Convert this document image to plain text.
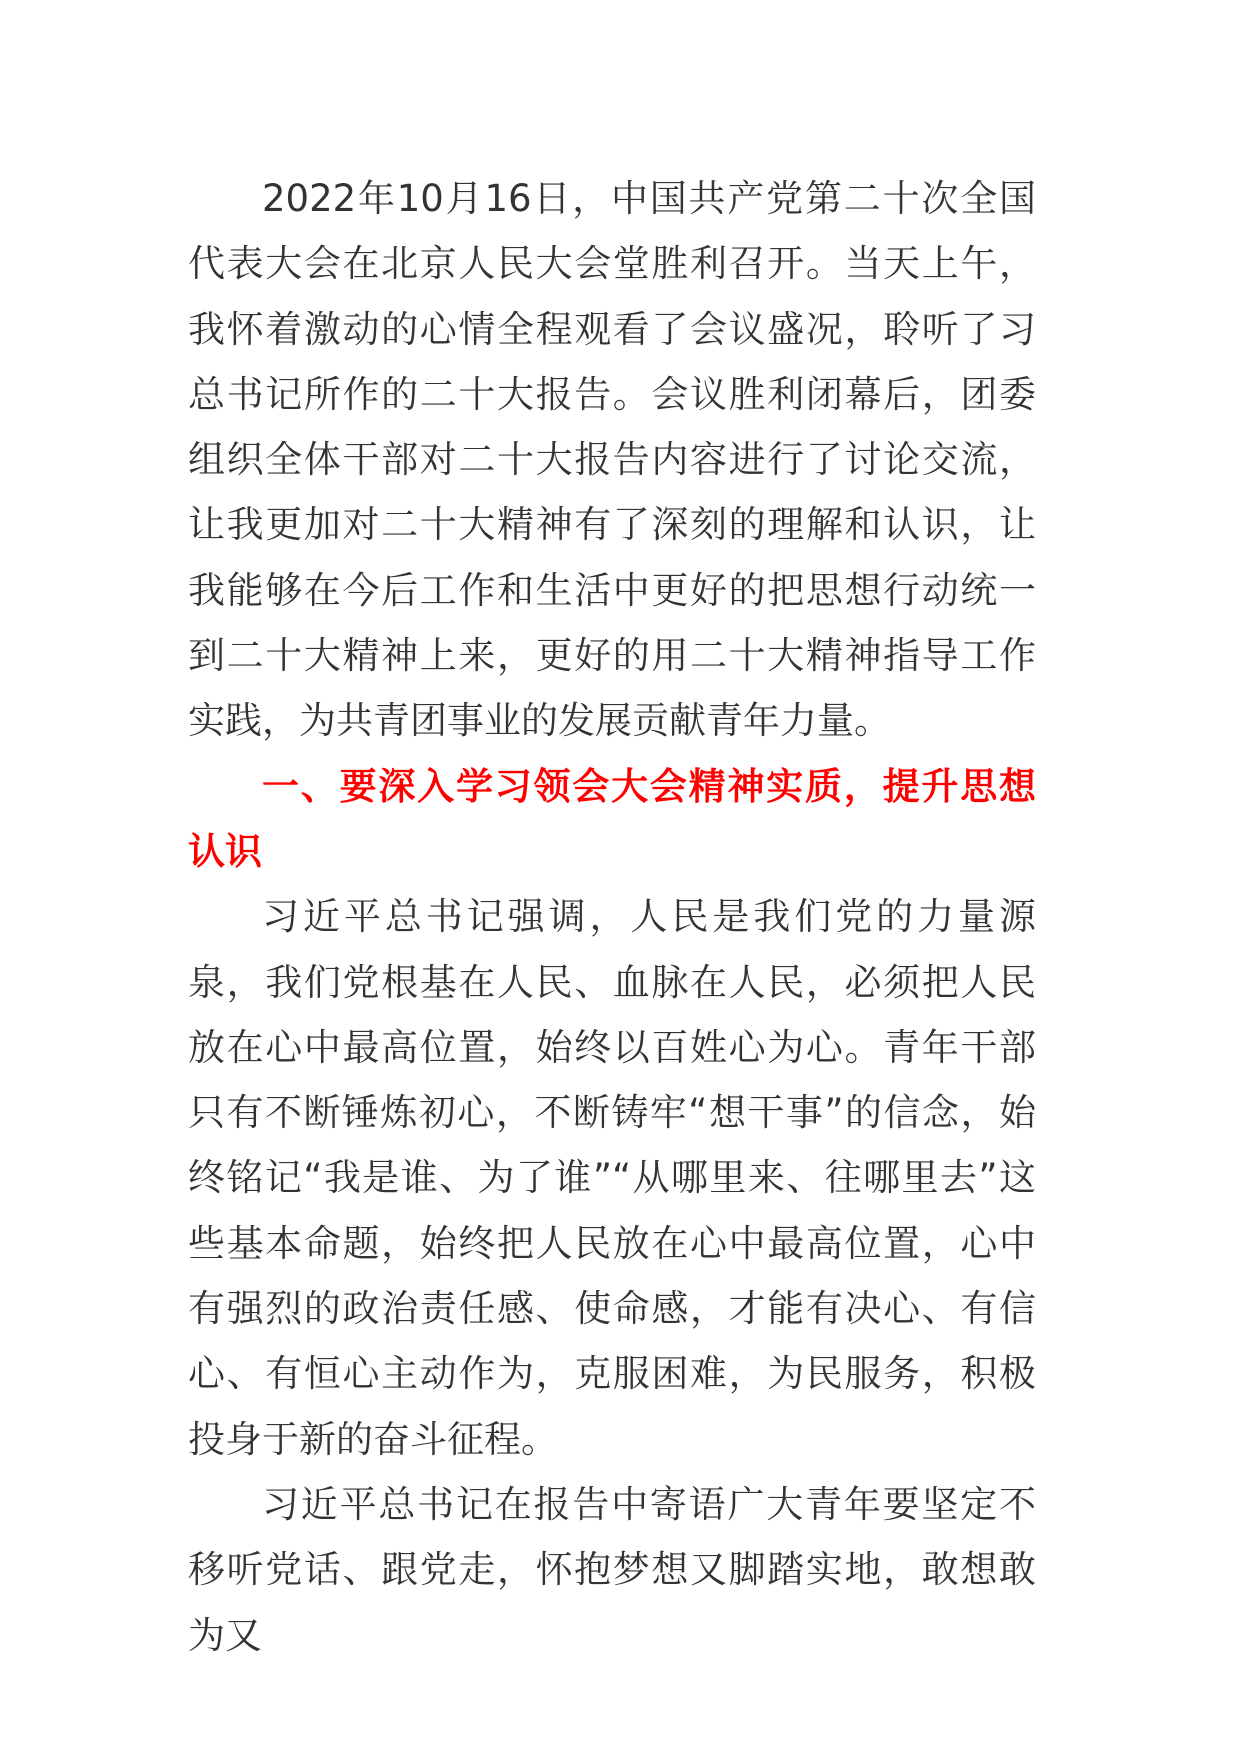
2022年10月16日，中国共产党第二十次全国代表大会在北京人民大会堂胜利召开。当天上午，我怀着激动的心情全程观看了会议盛况，聆听了习总书记所作的二十大报告。会议胜利闭幕后，团委组织全体干部对二十大报告内容进行了讨论交流，让我更加对二十大精神有了深刻的理解和认识，让我能够在今后工作和生活中更好的把思想行动统一到二十大精神上来，更好的用二十大精神指导工作实践，为共青团事业的发展贡献青年力量。

一、要深入学习领会大会精神实质，提升思想认识

习近平总书记强调，人民是我们党的力量源泉，我们党根基在人民、血脉在人民，必须把人民放在心中最高位置，始终以百姓心为心。青年干部只有不断锤炼初心，不断铸牢“想干事”的信念，始终铭记“我是谁、为了谁”“从哪里来、往哪里去”这些基本命题，始终把人民放在心中最高位置，心中有强烈的政治责任感、使命感，才能有决心、有信心、有恒心主动作为，克服困难，为民服务，积极投身于新的奋斗征程。

习近平总书记在报告中寄语广大青年要坚定不移听党话、跟党走，怀抱梦想又脚踏实地，敢想敢为又
